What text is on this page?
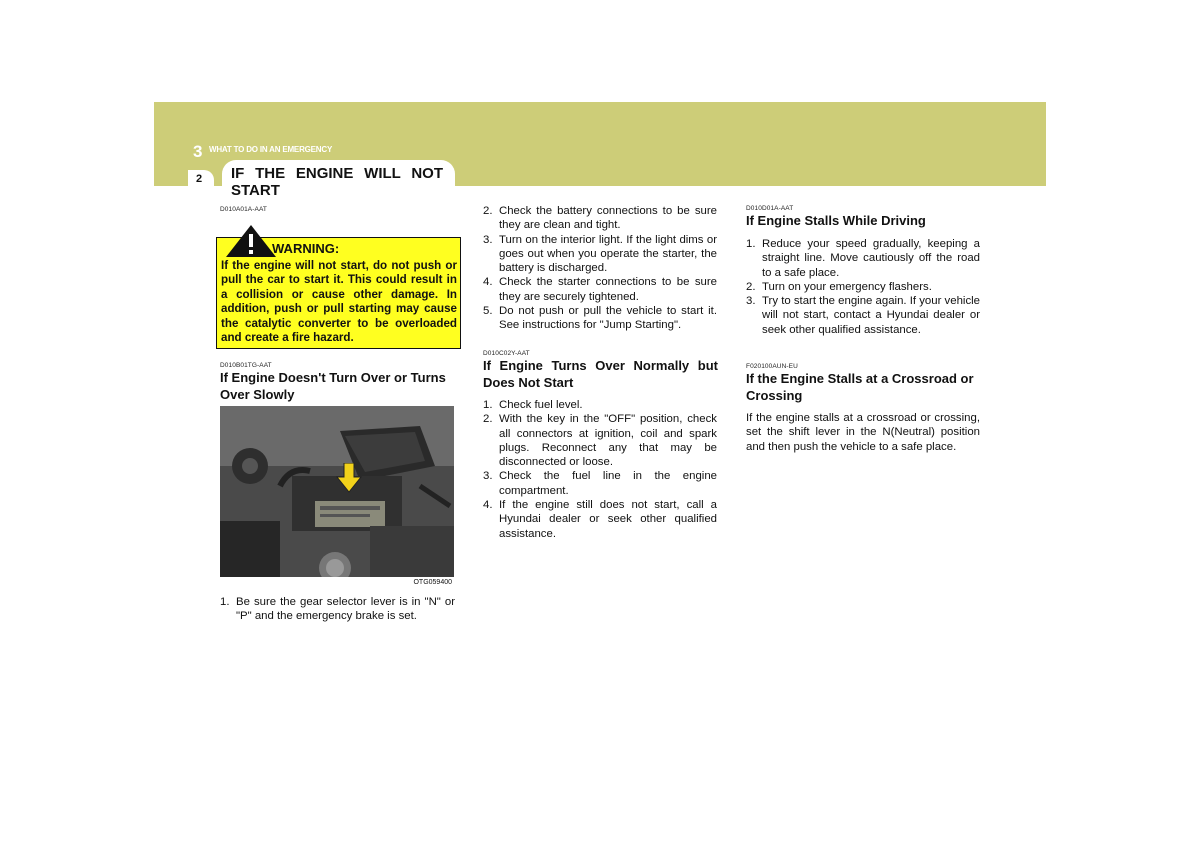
3 WHAT TO DO IN AN EMERGENCY
2	IF THE ENGINE WILL NOT START
D010A01A-AAT
WARNING:
If the engine will not start, do not push or pull the car to start it. This could result in a collision or cause other damage. In addition, push or pull starting may cause the catalytic converter to be overloaded and create a fire hazard.
D010B01TG-AAT
If Engine Doesn't Turn Over or Turns Over Slowly
OTG059400
1. Be sure the gear selector lever is in "N" or "P" and the emergency brake is set.
2. Check the battery connections to be sure they are clean and tight.
3. Turn on the interior light. If the light dims or goes out when you operate the starter, the battery is discharged.
4. Check the starter connections to be sure they are securely tightened.
5. Do not push or pull the vehicle to start it. See instructions for "Jump Starting".
D010C02Y-AAT
If Engine Turns Over Normally but Does Not Start
1. Check fuel level.
2. With the key in the "OFF" position, check all connectors at ignition, coil and spark plugs. Reconnect any that may be disconnected or loose.
3. Check the fuel line in the engine compartment.
4. If the engine still does not start, call a Hyundai dealer or seek other qualified assistance.
D010D01A-AAT
If Engine Stalls While Driving
1. Reduce your speed gradually, keeping a straight line. Move cautiously off the road to a safe place.
2. Turn on your emergency flashers.
3. Try to start the engine again. If your vehicle will not start, contact a Hyundai dealer or seek other qualified assistance.
F020100AUN-EU
If the Engine Stalls at a Crossroad or Crossing
If the engine stalls at a crossroad or crossing, set the shift lever in the N(Neutral) position and then push the vehicle to a safe place.
